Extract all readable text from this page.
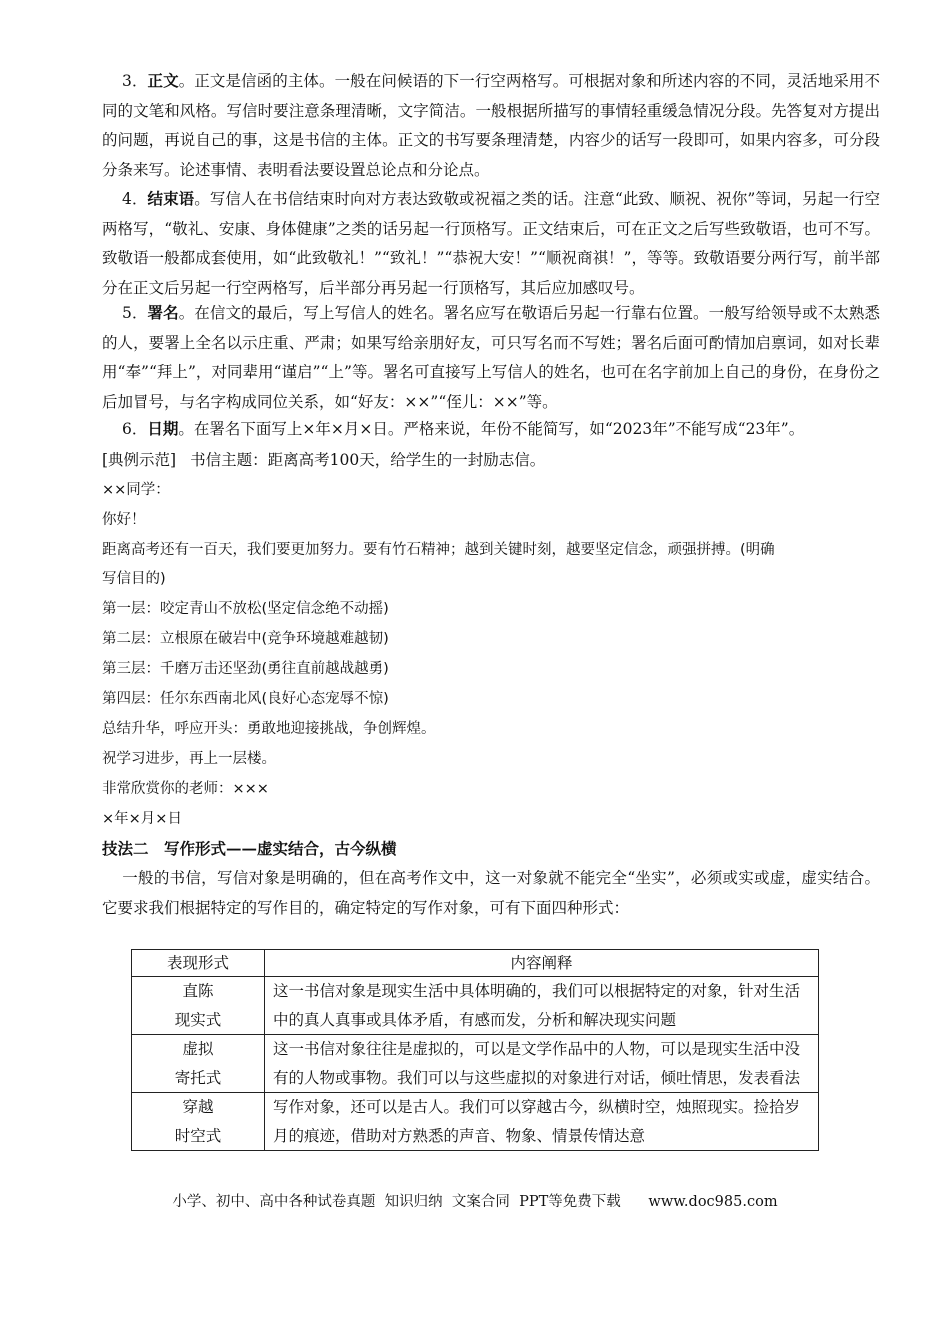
3．正文。正文是信函的主体。一般在问候语的下一行空两格写。可根据对象和所述内容的不同，灵活地采用不同的文笔和风格。写信时要注意条理清晰，文字简洁。一般根据所描写的事情轻重缓急情况分段。先答复对方提出的问题，再说自己的事，这是书信的主体。正文的书写要条理清楚，内容少的话写一段即可，如果内容多，可分段分条来写。论述事情、表明看法要设置总论点和分论点。
4．结束语。写信人在书信结束时向对方表达致敬或祝福之类的话。注意“此致、顺祝、祝你”等词，另起一行空两格写，“敬礼、安康、身体健康”之类的话另起一行顶格写。正文结束后，可在正文之后写些致敬语，也可不写。致敬语一般都成套使用，如“此致敬礼！”“致礼！”“恭祝大安！”“顺祝商祺！”，等等。致敬语要分两行写，前半部分在正文后另起一行空两格写，后半部分再另起一行顶格写，其后应加感叹号。
5．署名。在信文的最后，写上写信人的姓名。署名应写在敬语后另起一行靠右位置。一般写给领导或不太熟悉的人，要署上全名以示庄重、严肃；如果写给亲朋好友，可只写名而不写姓；署名后面可酌情加启禀词，如对长辈用“奉”“拜上”，对同辈用“谨启”“上”等。署名可直接写上写信人的姓名，也可在名字前加上自己的身份，在身份之后加冒号，与名字构成同位关系，如“好友：××”“侄儿：××”等。
6．日期。在署名下面写上×年×月×日。严格来说，年份不能简写，如“2023年”不能写成“23年”。
[典例示范] 书信主题：距离高考100天，给学生的一封励志信。
××同学：
你好！
距离高考还有一百天，我们要更加努力。要有竹石精神；越到关键时刻，越要坚定信念，顽强拼搏。(明确
写信目的)
第一层：咬定青山不放松(坚定信念绝不动摇)
第二层：立根原在破岩中(竞争环境越难越韧)
第三层：千磨万击还坚劲(勇往直前越战越勇)
第四层：任尔东西南北风(良好心态宠辱不惊)
总结升华，呼应开头：勇敢地迎接挑战，争创辉煌。
祝学习进步，再上一层楼。
非常欣赏你的老师：×××
×年×月×日
技法二　写作形式——虚实结合，古今纵横
一般的书信，写信对象是明确的，但在高考作文中，这一对象就不能完全“坐实”，必须或实或虚，虚实结合。它要求我们根据特定的写作目的，确定特定的写作对象，可有下面四种形式：
表现形式	内容阐释
直陈
现实式	这一书信对象是现实生活中具体明确的，我们可以根据特定的对象，针对生活中的真人真事或具体矛盾，有感而发，分析和解决现实问题
虚拟
寄托式	这一书信对象往往是虚拟的，可以是文学作品中的人物，可以是现实生活中没有的人物或事物。我们可以与这些虚拟的对象进行对话，倾吐情思，发表看法
穿越
时空式	写作对象，还可以是古人。我们可以穿越古今，纵横时空，烛照现实。捡拾岁月的痕迹，借助对方熟悉的声音、物象、情景传情达意
小学、初中、高中各种试卷真题  知识归纳  文案合同  PPT等免费下载 www.doc985.com
